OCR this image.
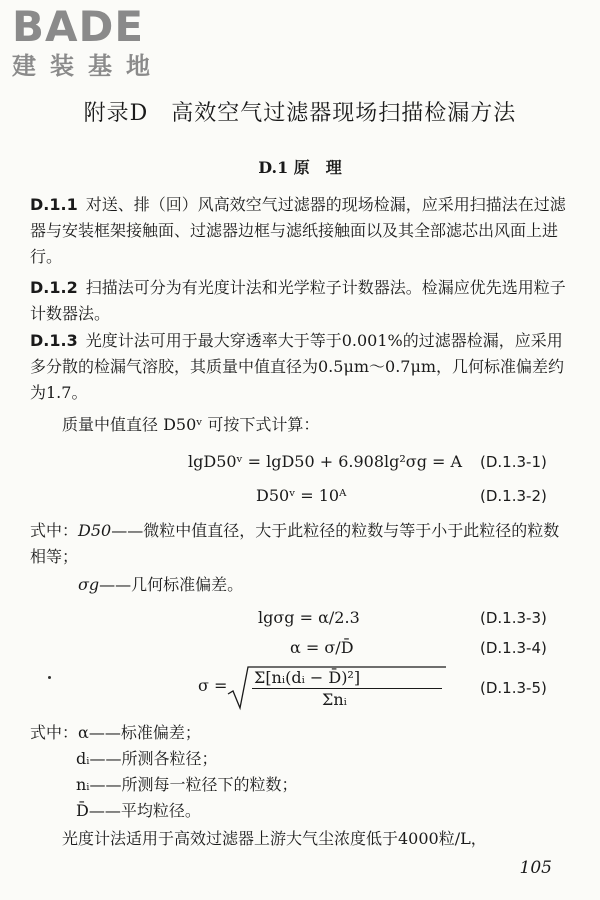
BADE
建装基地
附录D　高效空气过滤器现场扫描检漏方法
D.1 原　理
D.1.1 对送、排（回）风高效空气过滤器的现场检漏，应采用扫描法在过滤器与安装框架接触面、过滤器边框与滤纸接触面以及其全部滤芯出风面上进行。
D.1.2 扫描法可分为有光度计法和光学粒子计数器法。检漏应优先选用粒子计数器法。
D.1.3 光度计法可用于最大穿透率大于等于0.001%的过滤器检漏，应采用多分散的检漏气溶胶，其质量中值直径为0.5μm～0.7μm，几何标准偏差约为1.7。
质量中值直径 D50ᵛ 可按下式计算：
lgD50ᵛ = lgD50 + 6.908lg²σg = A (D.1.3-1)
D50ᵛ = 10ᴬ	(D.1.3-2)
式中：D50——微粒中值直径，大于此粒径的粒数与等于小于此粒径的粒数相等；
σg——几何标准偏差。
lgσg = α/2.3	(D.1.3-3)
α = σ/D̄	(D.1.3-4)
σ = Σ[nᵢ(dᵢ − D̄)²]
Σnᵢ
(D.1.3-5)
式中：α——标准偏差；
dᵢ——所测各粒径；
nᵢ——所测每一粒径下的粒数；
D̄——平均粒径。
光度计法适用于高效过滤器上游大气尘浓度低于4000粒/L，
105
